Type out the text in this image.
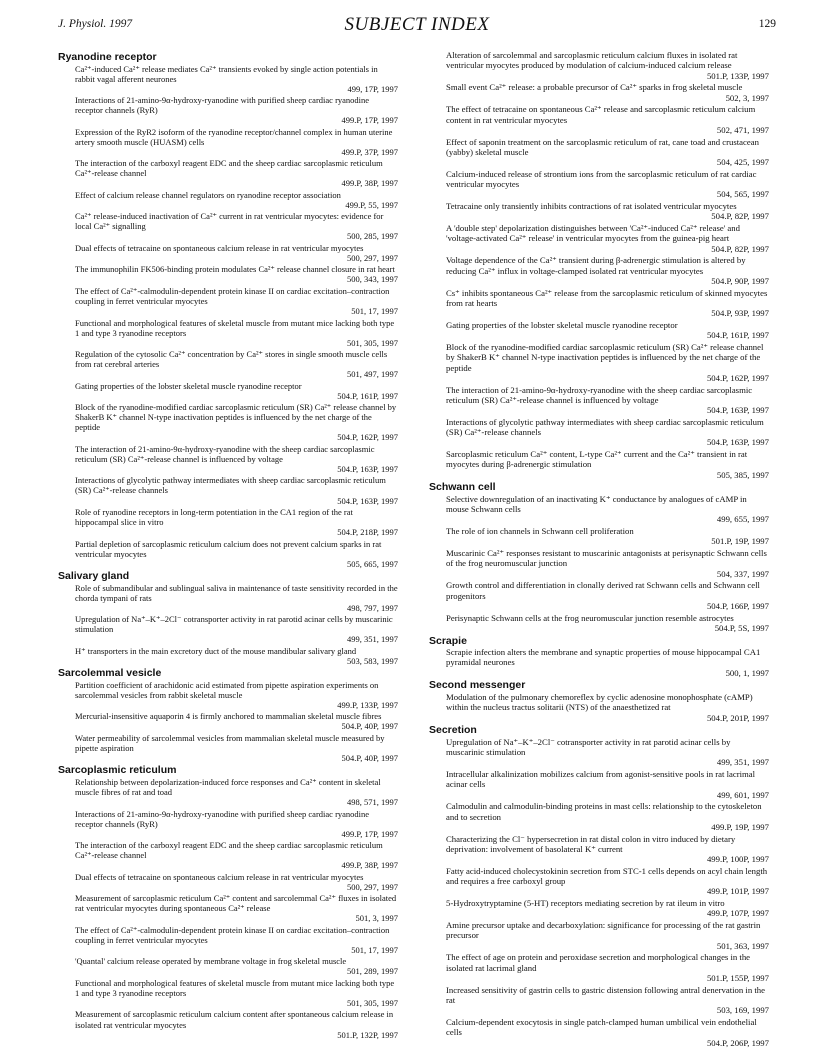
J. Physiol. 1997	SUBJECT INDEX	129
Ryanodine receptor
Ca²⁺-induced Ca²⁺ release mediates Ca²⁺ transients evoked by single action potentials in rabbit vagal afferent neurones
499, 17P, 1997
Interactions of 21-amino-9α-hydroxy-ryanodine with purified sheep cardiac ryanodine receptor channels (RyR)
499.P, 17P, 1997
Expression of the RyR2 isoform of the ryanodine receptor/channel complex in human uterine artery smooth muscle (HUASM) cells
499.P, 37P, 1997
The interaction of the carboxyl reagent EDC and the sheep cardiac sarcoplasmic reticulum Ca²⁺-release channel
499.P, 38P, 1997
Effect of calcium release channel regulators on ryanodine receptor association
499.P, 55, 1997
Ca²⁺ release-induced inactivation of Ca²⁺ current in rat ventricular myocytes: evidence for local Ca²⁺ signalling
500, 285, 1997
Dual effects of tetracaine on spontaneous calcium release in rat ventricular myocytes
500, 297, 1997
The immunophilin FK506-binding protein modulates Ca²⁺ release channel closure in rat heart
500, 343, 1997
The effect of Ca²⁺-calmodulin-dependent protein kinase II on cardiac excitation–contraction coupling in ferret ventricular myocytes
501, 17, 1997
Functional and morphological features of skeletal muscle from mutant mice lacking both type 1 and type 3 ryanodine receptors
501, 305, 1997
Regulation of the cytosolic Ca²⁺ concentration by Ca²⁺ stores in single smooth muscle cells from rat cerebral arteries
501, 497, 1997
Gating properties of the lobster skeletal muscle ryanodine receptor
504.P, 161P, 1997
Block of the ryanodine-modified cardiac sarcoplasmic reticulum (SR) Ca²⁺ release channel by ShakerB K⁺ channel N-type inactivation peptides is influenced by the net charge of the peptide
504.P, 162P, 1997
The interaction of 21-amino-9α-hydroxy-ryanodine with the sheep cardiac sarcoplasmic reticulum (SR) Ca²⁺-release channel is influenced by voltage
504.P, 163P, 1997
Interactions of glycolytic pathway intermediates with sheep cardiac sarcoplasmic reticulum (SR) Ca²⁺-release channels
504.P, 163P, 1997
Role of ryanodine receptors in long-term potentiation in the CA1 region of the rat hippocampal slice in vitro
504.P, 218P, 1997
Partial depletion of sarcoplasmic reticulum calcium does not prevent calcium sparks in rat ventricular myocytes
505, 665, 1997
Salivary gland
Role of submandibular and sublingual saliva in maintenance of taste sensitivity recorded in the chorda tympani of rats
498, 797, 1997
Upregulation of Na⁺–K⁺–2Cl⁻ cotransporter activity in rat parotid acinar cells by muscarinic stimulation
499, 351, 1997
H⁺ transporters in the main excretory duct of the mouse mandibular salivary gland
503, 583, 1997
Sarcolemmal vesicle
Partition coefficient of arachidonic acid estimated from pipette aspiration experiments on sarcolemmal vesicles from rabbit skeletal muscle
499.P, 133P, 1997
Mercurial-insensitive aquaporin 4 is firmly anchored to mammalian skeletal muscle fibres
504.P, 40P, 1997
Water permeability of sarcolemmal vesicles from mammalian skeletal muscle measured by pipette aspiration
504.P, 40P, 1997
Sarcoplasmic reticulum
Relationship between depolarization-induced force responses and Ca²⁺ content in skeletal muscle fibres of rat and toad
498, 571, 1997
Interactions of 21-amino-9α-hydroxy-ryanodine with purified sheep cardiac ryanodine receptor channels (RyR)
499.P, 17P, 1997
The interaction of the carboxyl reagent EDC and the sheep cardiac sarcoplasmic reticulum Ca²⁺-release channel
499.P, 38P, 1997
Dual effects of tetracaine on spontaneous calcium release in rat ventricular myocytes
500, 297, 1997
Measurement of sarcoplasmic reticulum Ca²⁺ content and sarcolemmal Ca²⁺ fluxes in isolated rat ventricular myocytes during spontaneous Ca²⁺ release
501, 3, 1997
The effect of Ca²⁺-calmodulin-dependent protein kinase II on cardiac excitation–contraction coupling in ferret ventricular myocytes
501, 17, 1997
'Quantal' calcium release operated by membrane voltage in frog skeletal muscle
501, 289, 1997
Functional and morphological features of skeletal muscle from mutant mice lacking both type 1 and type 3 ryanodine receptors
501, 305, 1997
Measurement of sarcoplasmic reticulum calcium content after spontaneous calcium release in isolated rat ventricular myocytes
501.P, 132P, 1997
Alteration of sarcolemmal and sarcoplasmic reticulum calcium fluxes in isolated rat ventricular myocytes produced by modulation of calcium-induced calcium release
501.P, 133P, 1997
Small event Ca²⁺ release: a probable precursor of Ca²⁺ sparks in frog skeletal muscle
502, 3, 1997
The effect of tetracaine on spontaneous Ca²⁺ release and sarcoplasmic reticulum calcium content in rat ventricular myocytes
502, 471, 1997
Effect of saponin treatment on the sarcoplasmic reticulum of rat, cane toad and crustacean (yabby) skeletal muscle
504, 425, 1997
Calcium-induced release of strontium ions from the sarcoplasmic reticulum of rat cardiac ventricular myocytes
504, 565, 1997
Tetracaine only transiently inhibits contractions of rat isolated ventricular myocytes
504.P, 82P, 1997
A 'double step' depolarization distinguishes between 'Ca²⁺-induced Ca²⁺ release' and 'voltage-activated Ca²⁺ release' in ventricular myocytes from the guinea-pig heart
504.P, 82P, 1997
Voltage dependence of the Ca²⁺ transient during β-adrenergic stimulation is altered by reducing Ca²⁺ influx in voltage-clamped isolated rat ventricular myocytes
504.P, 90P, 1997
Cs⁺ inhibits spontaneous Ca²⁺ release from the sarcoplasmic reticulum of skinned myocytes from rat hearts
504.P, 93P, 1997
Gating properties of the lobster skeletal muscle ryanodine receptor
504.P, 161P, 1997
Block of the ryanodine-modified cardiac sarcoplasmic reticulum (SR) Ca²⁺ release channel by ShakerB K⁺ channel N-type inactivation peptides is influenced by the net charge of the peptide
504.P, 162P, 1997
The interaction of 21-amino-9α-hydroxy-ryanodine with the sheep cardiac sarcoplasmic reticulum (SR) Ca²⁺-release channel is influenced by voltage
504.P, 163P, 1997
Interactions of glycolytic pathway intermediates with sheep cardiac sarcoplasmic reticulum (SR) Ca²⁺-release channels
504.P, 163P, 1997
Sarcoplasmic reticulum Ca²⁺ content, L-type Ca²⁺ current and the Ca²⁺ transient in rat myocytes during β-adrenergic stimulation
505, 385, 1997
Schwann cell
Selective downregulation of an inactivating K⁺ conductance by analogues of cAMP in mouse Schwann cells
499, 655, 1997
The role of ion channels in Schwann cell proliferation
501.P, 19P, 1997
Muscarinic Ca²⁺ responses resistant to muscarinic antagonists at perisynaptic Schwann cells of the frog neuromuscular junction
504, 337, 1997
Growth control and differentiation in clonally derived rat Schwann cells and Schwann cell progenitors
504.P, 166P, 1997
Perisynaptic Schwann cells at the frog neuromuscular junction resemble astrocytes
504.P, 5S, 1997
Scrapie
Scrapie infection alters the membrane and synaptic properties of mouse hippocampal CA1 pyramidal neurones
500, 1, 1997
Second messenger
Modulation of the pulmonary chemoreflex by cyclic adenosine monophosphate (cAMP) within the nucleus tractus solitarii (NTS) of the anaesthetized rat
504.P, 201P, 1997
Secretion
Upregulation of Na⁺–K⁺–2Cl⁻ cotransporter activity in rat parotid acinar cells by muscarinic stimulation
499, 351, 1997
Intracellular alkalinization mobilizes calcium from agonist-sensitive pools in rat lacrimal acinar cells
499, 601, 1997
Calmodulin and calmodulin-binding proteins in mast cells: relationship to the cytoskeleton and to secretion
499.P, 19P, 1997
Characterizing the Cl⁻ hypersecretion in rat distal colon in vitro induced by dietary deprivation: involvement of basolateral K⁺ current
499.P, 100P, 1997
Fatty acid-induced cholecystokinin secretion from STC-1 cells depends on acyl chain length and requires a free carboxyl group
499.P, 101P, 1997
5-Hydroxytryptamine (5-HT) receptors mediating secretion by rat ileum in vitro
499.P, 107P, 1997
Amine precursor uptake and decarboxylation: significance for processing of the rat gastrin precursor
501, 363, 1997
The effect of age on protein and peroxidase secretion and morphological changes in the isolated rat lacrimal gland
501.P, 155P, 1997
Increased sensitivity of gastrin cells to gastric distension following antral denervation in the rat
503, 169, 1997
Calcium-dependent exocytosis in single patch-clamped human umbilical vein endothelial cells
504.P, 206P, 1997
